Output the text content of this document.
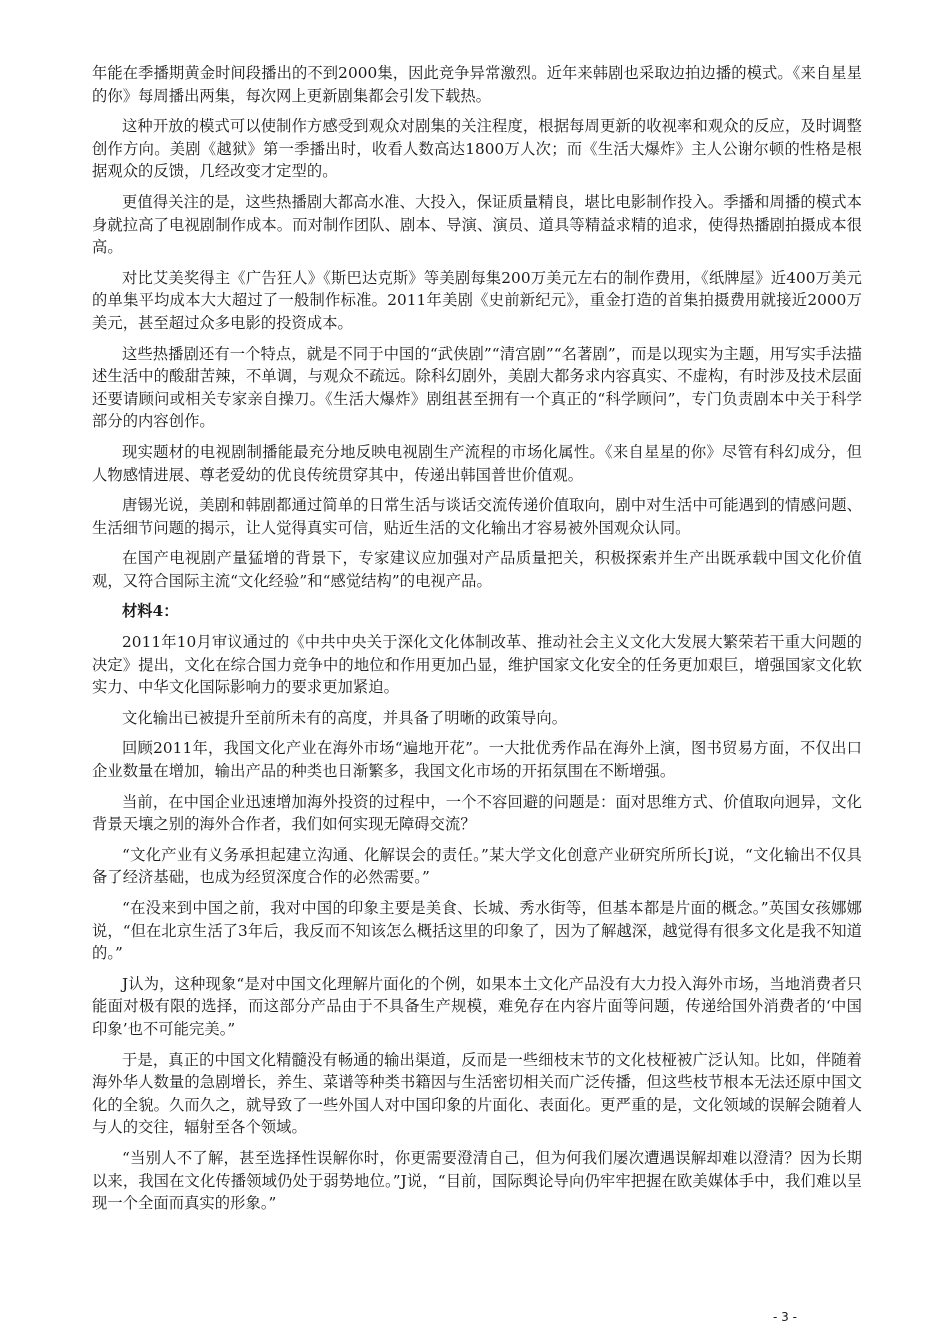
年能在季播期黄金时间段播出的不到2000集，因此竞争异常激烈。近年来韩剧也采取边拍边播的模式。《来自星星的你》每周播出两集，每次网上更新剧集都会引发下载热。

这种开放的模式可以使制作方感受到观众对剧集的关注程度，根据每周更新的收视率和观众的反应，及时调整创作方向。美剧《越狱》第一季播出时，收看人数高达1800万人次；而《生活大爆炸》主人公谢尔顿的性格是根据观众的反馈，几经改变才定型的。

更值得关注的是，这些热播剧大都高水准、大投入，保证质量精良，堪比电影制作投入。季播和周播的模式本身就拉高了电视剧制作成本。而对制作团队、剧本、导演、演员、道具等精益求精的追求，使得热播剧拍摄成本很高。

对比艾美奖得主《广告狂人》《斯巴达克斯》等美剧每集200万美元左右的制作费用，《纸牌屋》近400万美元的单集平均成本大大超过了一般制作标准。2011年美剧《史前新纪元》，重金打造的首集拍摄费用就接近2000万美元，甚至超过众多电影的投资成本。

这些热播剧还有一个特点，就是不同于中国的“武侠剧”“清宫剧”“名著剧”，而是以现实为主题，用写实手法描述生活中的酸甜苦辣，不单调，与观众不疏远。除科幻剧外，美剧大都务求内容真实、不虚构，有时涉及技术层面还要请顾问或相关专家亲自操刀。《生活大爆炸》剧组甚至拥有一个真正的“科学顾问”，专门负责剧本中关于科学部分的内容创作。

现实题材的电视剧制播能最充分地反映电视剧生产流程的市场化属性。《来自星星的你》尽管有科幻成分，但人物感情进展、尊老爱幼的优良传统贯穿其中，传递出韩国普世价值观。

唐锡光说，美剧和韩剧都通过简单的日常生活与谈话交流传递价值取向，剧中对生活中可能遇到的情感问题、生活细节问题的揭示，让人觉得真实可信，贴近生活的文化输出才容易被外国观众认同。

在国产电视剧产量猛增的背景下，专家建议应加强对产品质量把关，积极探索并生产出既承载中国文化价值观，又符合国际主流“文化经验”和“感觉结构”的电视产品。

材料4：

2011年10月审议通过的《中共中央关于深化文化体制改革、推动社会主义文化大发展大繁荣若干重大问题的决定》提出，文化在综合国力竞争中的地位和作用更加凸显，维护国家文化安全的任务更加艰巨，增强国家文化软实力、中华文化国际影响力的要求更加紧迫。

文化输出已被提升至前所未有的高度，并具备了明晰的政策导向。

回顾2011年，我国文化产业在海外市场“遍地开花”。一大批优秀作品在海外上演，图书贸易方面，不仅出口企业数量在增加，输出产品的种类也日渐繁多，我国文化市场的开拓氛围在不断增强。

当前，在中国企业迅速增加海外投资的过程中，一个不容回避的问题是：面对思维方式、价值取向迥异，文化背景天壤之别的海外合作者，我们如何实现无障碍交流？

“文化产业有义务承担起建立沟通、化解误会的责任。”某大学文化创意产业研究所所长J说，“文化输出不仅具备了经济基础，也成为经贸深度合作的必然需要。”

“在没来到中国之前，我对中国的印象主要是美食、长城、秀水街等，但基本都是片面的概念。”英国女孩娜娜说，“但在北京生活了3年后，我反而不知该怎么概括这里的印象了，因为了解越深，越觉得有很多文化是我不知道的。”

J认为，这种现象“是对中国文化理解片面化的个例，如果本土文化产品没有大力投入海外市场，当地消费者只能面对极有限的选择，而这部分产品由于不具备生产规模，难免存在内容片面等问题，传递给国外消费者的‘中国印象’也不可能完美。”

于是，真正的中国文化精髓没有畅通的输出渠道，反而是一些细枝末节的文化枝桠被广泛认知。比如，伴随着海外华人数量的急剧增长，养生、菜谱等种类书籍因与生活密切相关而广泛传播，但这些枝节根本无法还原中国文化的全貌。久而久之，就导致了一些外国人对中国印象的片面化、表面化。更严重的是，文化领域的误解会随着人与人的交往，辐射至各个领域。

“当别人不了解，甚至选择性误解你时，你更需要澄清自己，但为何我们屡次遭遇误解却难以澄清？因为长期以来，我国在文化传播领域仍处于弱势地位。”J说，“目前，国际舆论导向仍牢牢把握在欧美媒体手中，我们难以呈现一个全面而真实的形象。”

- 3 -
